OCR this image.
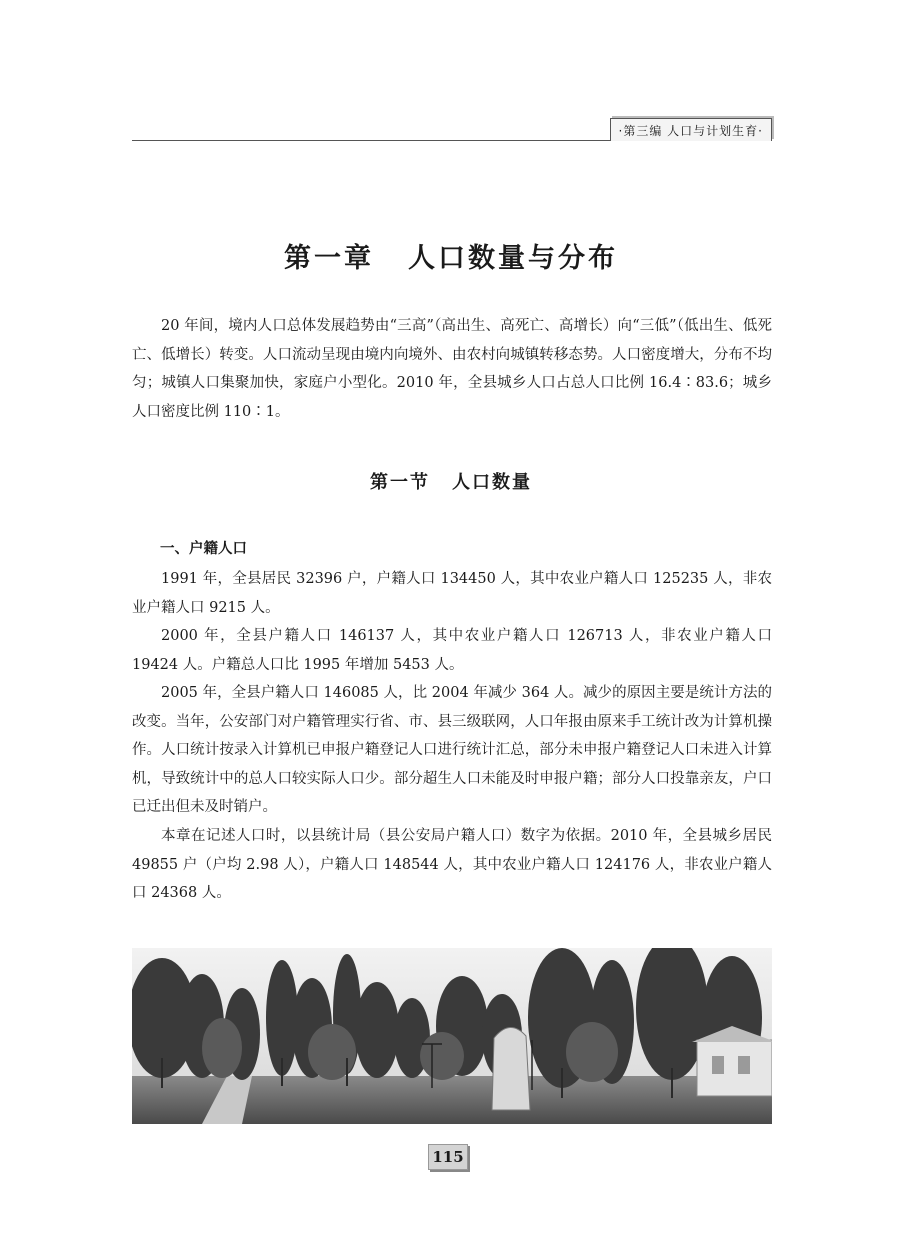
·第三编 人口与计划生育·
第一章 人口数量与分布

20 年间，境内人口总体发展趋势由“三高”（高出生、高死亡、高增长）向“三低”（低出生、低死亡、低增长）转变。人口流动呈现由境内向境外、由农村向城镇转移态势。人口密度增大，分布不均匀；城镇人口集聚加快，家庭户小型化。2010 年，全县城乡人口占总人口比例 16.4∶83.6；城乡人口密度比例 110∶1。

第一节 人口数量
一、户籍人口

1991 年，全县居民 32396 户，户籍人口 134450 人，其中农业户籍人口 125235 人，非农业户籍人口 9215 人。

2000 年，全县户籍人口 146137 人，其中农业户籍人口 126713 人，非农业户籍人口 19424 人。户籍总人口比 1995 年增加 5453 人。

2005 年，全县户籍人口 146085 人，比 2004 年减少 364 人。减少的原因主要是统计方法的改变。当年，公安部门对户籍管理实行省、市、县三级联网，人口年报由原来手工统计改为计算机操作。人口统计按录入计算机已申报户籍登记人口进行统计汇总，部分未申报户籍登记人口未进入计算机，导致统计中的总人口较实际人口少。部分超生人口未能及时申报户籍；部分人口投靠亲友，户口已迁出但未及时销户。

本章在记述人口时，以县统计局（县公安局户籍人口）数字为依据。2010 年，全县城乡居民 49855 户（户均 2.98 人），户籍人口 148544 人，其中农业户籍人口 124176 人，非农业户籍人口 24368 人。

115
